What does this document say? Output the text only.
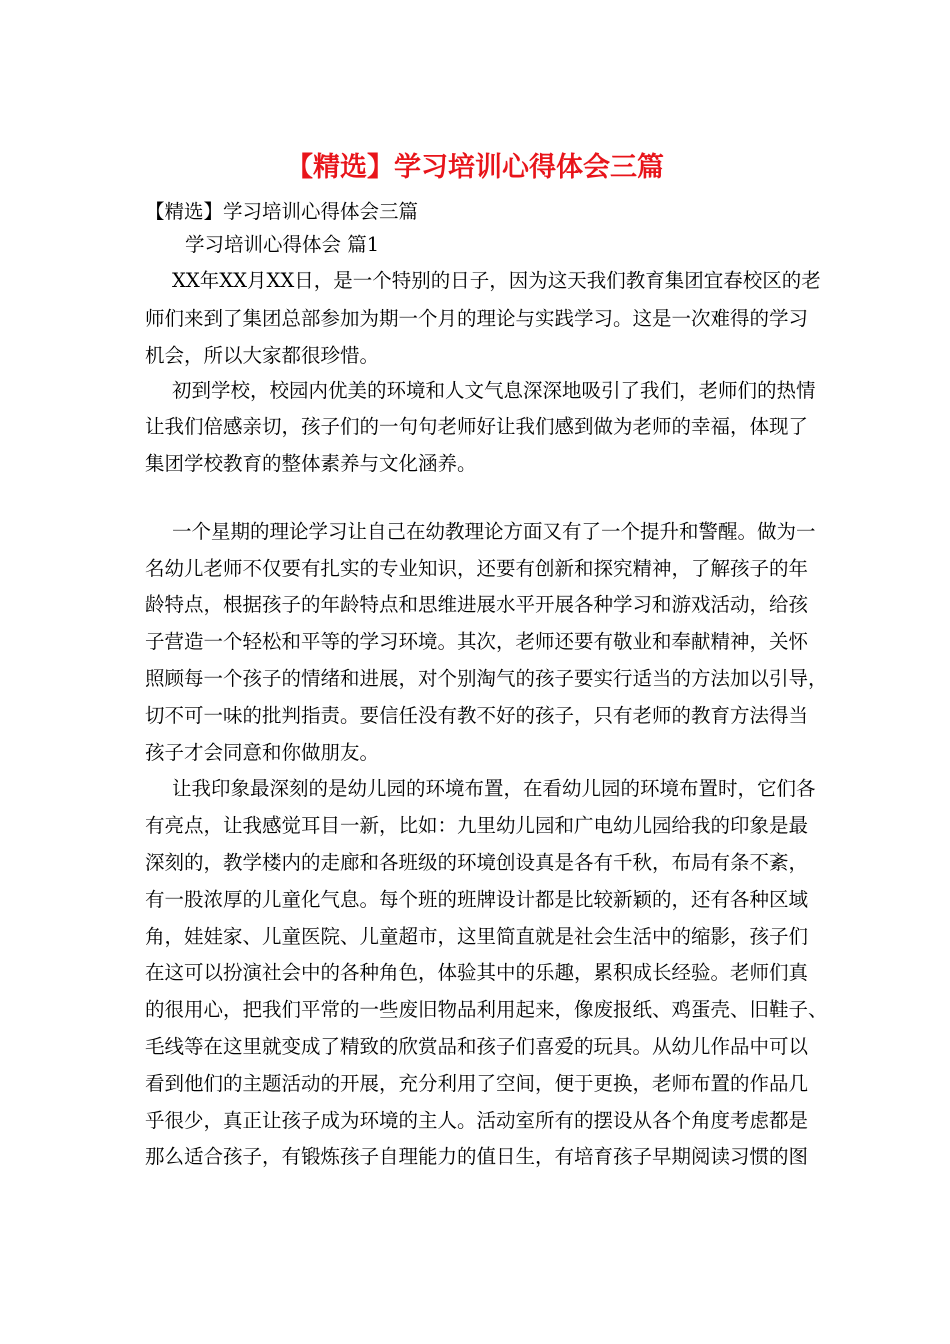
【精选】学习培训心得体会三篇
【精选】学习培训心得体会三篇
学习培训心得体会 篇1
XX年XX月XX日，是一个特别的日子，因为这天我们教育集团宜春校区的老
师们来到了集团总部参加为期一个月的理论与实践学习。这是一次难得的学习
机会，所以大家都很珍惜。
初到学校，校园内优美的环境和人文气息深深地吸引了我们，老师们的热情
让我们倍感亲切，孩子们的一句句老师好让我们感到做为老师的幸福，体现了
集团学校教育的整体素养与文化涵养。
一个星期的理论学习让自己在幼教理论方面又有了一个提升和警醒。做为一
名幼儿老师不仅要有扎实的专业知识，还要有创新和探究精神，了解孩子的年
龄特点，根据孩子的年龄特点和思维进展水平开展各种学习和游戏活动，给孩
子营造一个轻松和平等的学习环境。其次，老师还要有敬业和奉献精神，关怀
照顾每一个孩子的情绪和进展，对个别淘气的孩子要实行适当的方法加以引导，
切不可一味的批判指责。要信任没有教不好的孩子，只有老师的教育方法得当
孩子才会同意和你做朋友。
让我印象最深刻的是幼儿园的环境布置，在看幼儿园的环境布置时，它们各
有亮点，让我感觉耳目一新，比如：九里幼儿园和广电幼儿园给我的印象是最
深刻的，教学楼内的走廊和各班级的环境创设真是各有千秋，布局有条不紊，
有一股浓厚的儿童化气息。每个班的班牌设计都是比较新颖的，还有各种区域
角，娃娃家、儿童医院、儿童超市，这里简直就是社会生活中的缩影，孩子们
在这可以扮演社会中的各种角色，体验其中的乐趣，累积成长经验。老师们真
的很用心，把我们平常的一些废旧物品利用起来，像废报纸、鸡蛋壳、旧鞋子、
毛线等在这里就变成了精致的欣赏品和孩子们喜爱的玩具。从幼儿作品中可以
看到他们的主题活动的开展，充分利用了空间，便于更换，老师布置的作品几
乎很少，真正让孩子成为环境的主人。活动室所有的摆设从各个角度考虑都是
那么适合孩子，有锻炼孩子自理能力的值日生，有培育孩子早期阅读习惯的图
